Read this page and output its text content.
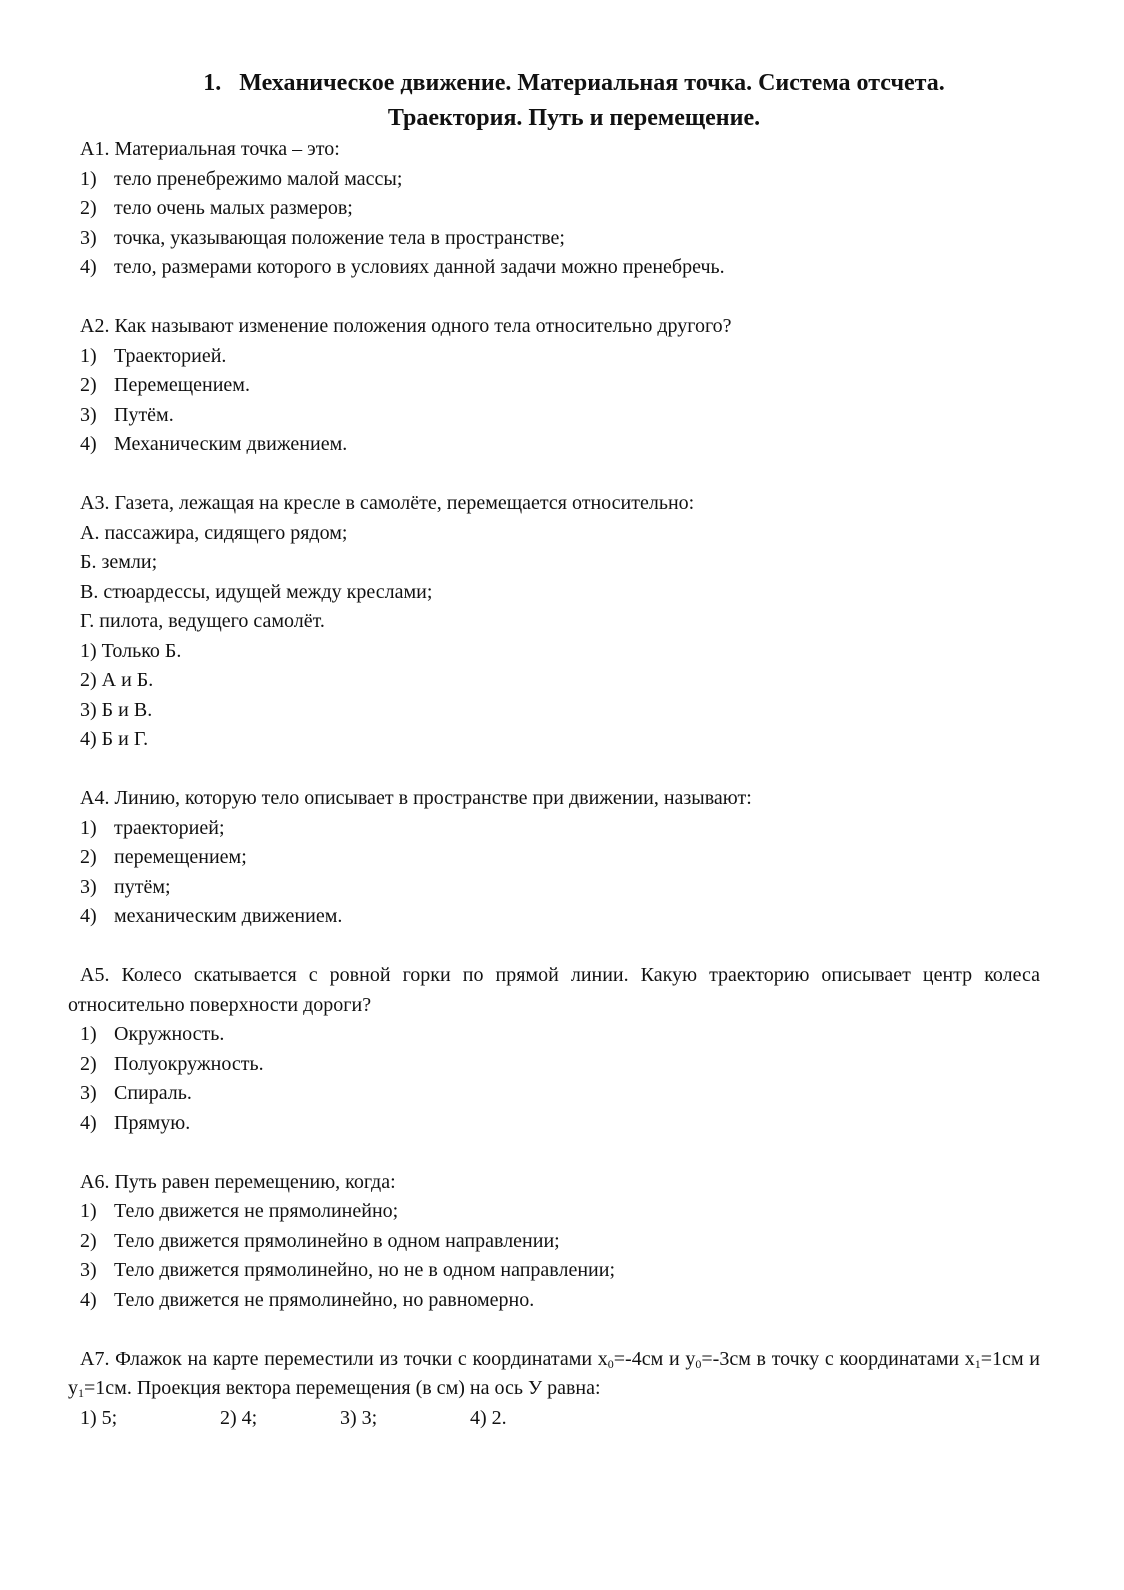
1. Механическое движение. Материальная точка. Система отсчета.
Траектория. Путь и перемещение.
А1. Материальная точка – это:
1) тело пренебрежимо малой массы;
2) тело очень малых размеров;
3) точка, указывающая положение тела в пространстве;
4) тело, размерами которого в условиях данной задачи можно пренебречь.
А2. Как называют изменение положения одного тела относительно другого?
1) Траекторией.
2) Перемещением.
3) Путём.
4) Механическим движением.
А3. Газета, лежащая на кресле в самолёте, перемещается относительно:
А. пассажира, сидящего рядом;
Б. земли;
В. стюардессы, идущей между креслами;
Г. пилота, ведущего самолёт.
1) Только Б.
2) А и Б.
3) Б и В.
4) Б и Г.
А4. Линию, которую тело описывает в пространстве при движении, называют:
1) траекторией;
2) перемещением;
3) путём;
4) механическим движением.
А5. Колесо скатывается с ровной горки по прямой линии. Какую траекторию описывает центр колеса относительно поверхности дороги?
1) Окружность.
2) Полуокружность.
3) Спираль.
4) Прямую.
А6. Путь равен перемещению, когда:
1) Тело движется не прямолинейно;
2) Тело движется прямолинейно в одном направлении;
3) Тело движется прямолинейно, но не в одном направлении;
4) Тело движется не прямолинейно, но равномерно.
А7. Флажок на карте переместили из точки с координатами $x_0=-4см$ и $y_0=-3см$ в точку с координатами $x_1=1см$ и $y_1=1см$. Проекция вектора перемещения (в см) на ось У равна:
1) 5;	2) 4;	3) 3;	4) 2.
